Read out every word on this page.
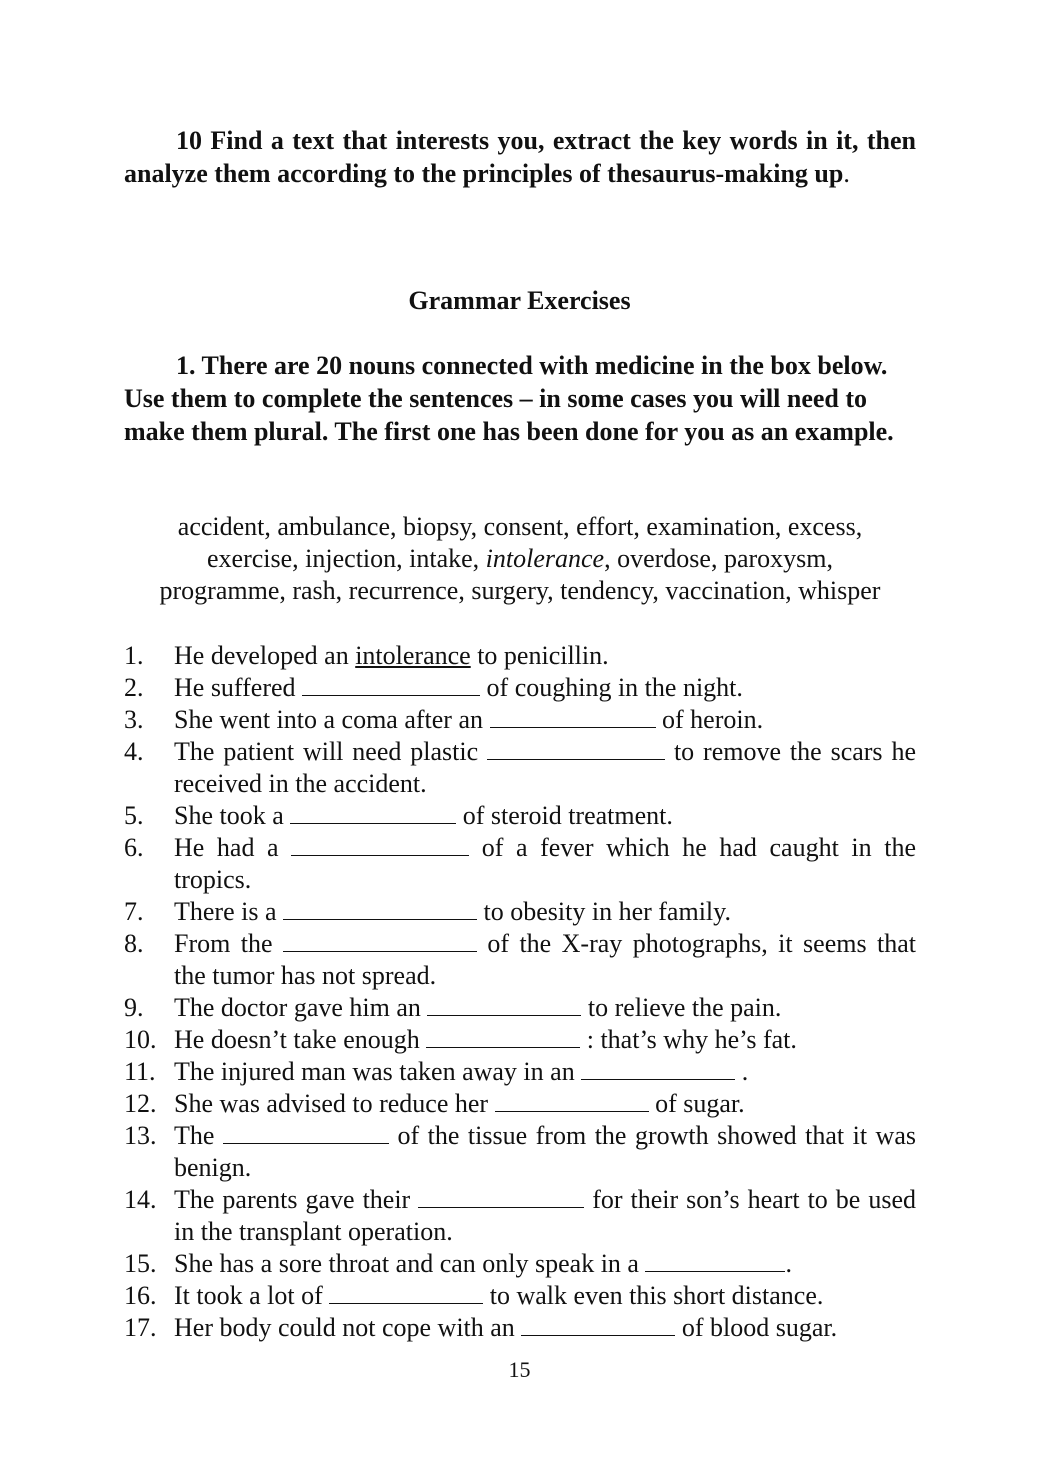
10 Find a text that interests you, extract the key words in it, then analyze them according to the principles of thesaurus-making up.

Grammar Exercises

1. There are 20 nouns connected with medicine in the box below. Use them to complete the sentences – in some cases you will need to make them plural. The first one has been done for you as an example.

accident, ambulance, biopsy, consent, effort, examination, excess,
exercise, injection, intake, intolerance, overdose, paroxysm,
programme, rash, recurrence, surgery, tendency, vaccination, whisper
1. He developed an intolerance to penicillin.
2. He suffered	of coughing in the night.
3. She went into a coma after an	of heroin.
4. The patient will need plastic	to remove the scars he received in the accident.
5. She took a	of steroid treatment.
6. He had a	of a fever which he had caught in the tropics.
7. There is a	to obesity in her family.
8. From the	of the X-ray photographs, it seems that the tumor has not spread.
9. The doctor gave him an	to relieve the pain.
10. He doesn’t take enough	: that’s why he’s fat.
11. The injured man was taken away in an	.
12. She was advised to reduce her	of sugar.
13. The	of the tissue from the growth showed that it was benign.
14. The parents gave their	for their son’s heart to be used in the transplant operation.
15. She has a sore throat and can only speak in a	.
16. It took a lot of	to walk even this short distance.
17. Her body could not cope with an	of blood sugar.
15
